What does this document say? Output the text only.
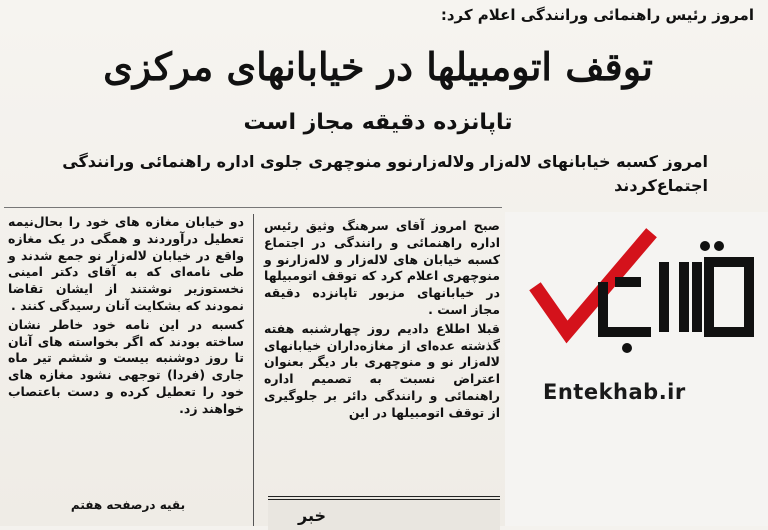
امروز رئیس راهنمائی ورانندگی اعلام کرد:
توقف اتومبیلها در خیابانهای مرکزی
تاپانزده دقیقه مجاز است
امروز کسبه خیابانهای لاله‌زار ولاله‌زارنوو منوچهری جلوی اداره راهنمائی ورانندگی اجتماع‌کردند

صبح امروز آقای سرهنگ وثیق رئیس اداره راهنمائی و رانندگی در اجتماع کسبه خیابان های لاله‌زار و لاله‌زارنو و منوچهری اعلام کرد که توقف اتومبیلها در خیابانهای مزبور تاپانزده دقیقه مجاز است .

قبلا اطلاع دادیم روز چهارشنبه هفته گذشته عده‌ای از مغازه‌داران خیابانهای لاله‌زار نو و منوچهری بار دیگر بعنوان اعتراض نسبت به تصمیم اداره راهنمائی و رانندگی دائر بر جلوگیری از توقف اتومبیلها در این

دو خیابان مغازه های خود را بحال‌نیمه تعطیل درآوردند و همگی در یک مغازه واقع در خیابان لاله‌زار نو جمع شدند و طی نامه‌ای که به آقای دکتر امینی نخستوزیر نوشتند از ایشان تقاضا نمودند که بشکایت آنان رسیدگی کنند .

کسبه در این نامه خود خاطر نشان ساخته بودند که اگر بخواسته های آنان تا روز دوشنبه بیست و ششم تیر ماه جاری (فردا) توجهی نشود مغازه های خود را تعطیل کرده و دست باعتصاب خواهند زد.

بقیه درصفحه هفتم
خبر
Entekhab.ir
